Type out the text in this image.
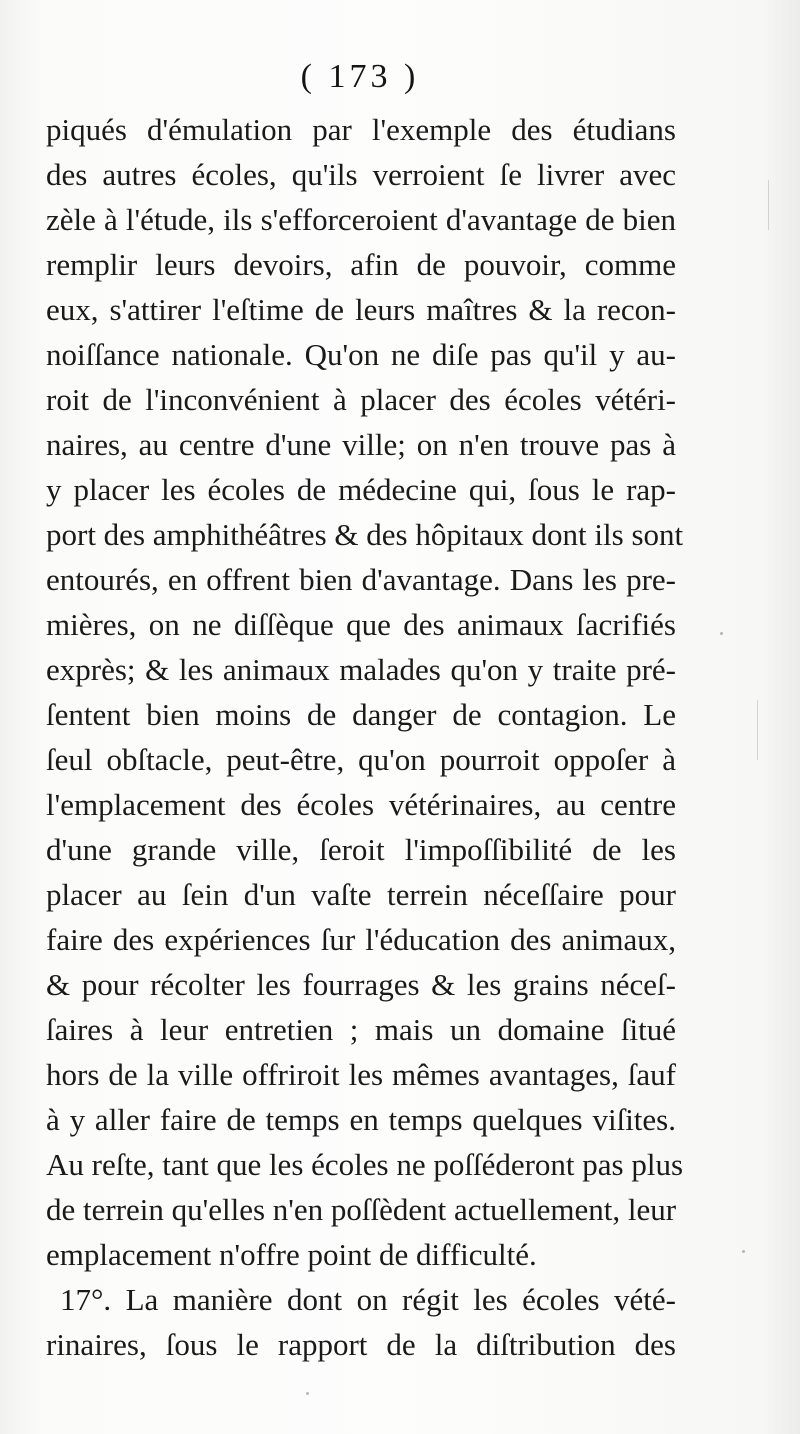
( 173 )
piqués d'émulation par l'exemple des étudians
des autres écoles, qu'ils verroient ſe livrer avec
zèle à l'étude, ils s'efforceroient d'avantage de bien
remplir leurs devoirs, afin de pouvoir, comme
eux, s'attirer l'eſtime de leurs maîtres & la recon-
noiſſance nationale. Qu'on ne diſe pas qu'il y au-
roit de l'inconvénient à placer des écoles vétéri-
naires, au centre d'une ville; on n'en trouve pas à
y placer les écoles de médecine qui, ſous le rap-
port des amphithéâtres & des hôpitaux dont ils sont
entourés, en offrent bien d'avantage. Dans les pre-
mières, on ne diſſèque que des animaux ſacrifiés
exprès; & les animaux malades qu'on y traite pré-
ſentent bien moins de danger de contagion. Le
ſeul obſtacle, peut-être, qu'on pourroit oppoſer à
l'emplacement des écoles vétérinaires, au centre
d'une grande ville, ſeroit l'impoſſibilité de les
placer au ſein d'un vaſte terrein néceſſaire pour
faire des expériences ſur l'éducation des animaux,
& pour récolter les fourrages & les grains néceſ-
ſaires à leur entretien ; mais un domaine ſitué
hors de la ville offriroit les mêmes avantages, ſauf
à y aller faire de temps en temps quelques viſites.
Au reſte, tant que les écoles ne poſſéderont pas plus
de terrein qu'elles n'en poſſèdent actuellement, leur
emplacement n'offre point de difficulté.
17°. La manière dont on régit les écoles vété-
rinaires, ſous le rapport de la diſtribution des
